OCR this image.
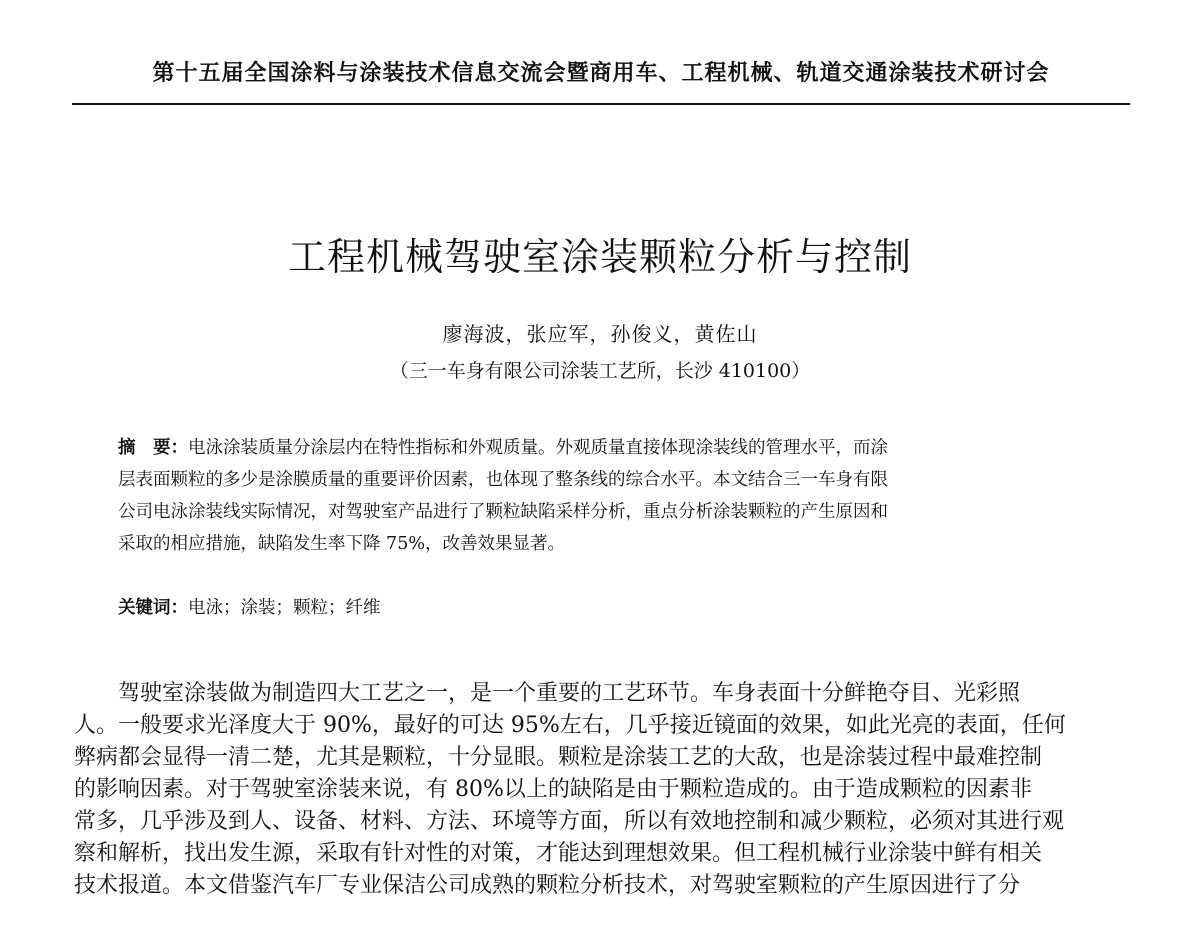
第十五届全国涂料与涂装技术信息交流会暨商用车、工程机械、轨道交通涂装技术研讨会
工程机械驾驶室涂装颗粒分析与控制
廖海波，张应军，孙俊义，黄佐山
（三一车身有限公司涂装工艺所，长沙 410100）
摘　要：电泳涂装质量分涂层内在特性指标和外观质量。外观质量直接体现涂装线的管理水平，而涂
层表面颗粒的多少是涂膜质量的重要评价因素，也体现了整条线的综合水平。本文结合三一车身有限
公司电泳涂装线实际情况，对驾驶室产品进行了颗粒缺陷采样分析，重点分析涂装颗粒的产生原因和
采取的相应措施，缺陷发生率下降 75%，改善效果显著。
关键词：电泳；涂装；颗粒；纤维
驾驶室涂装做为制造四大工艺之一，是一个重要的工艺环节。车身表面十分鲜艳夺目、光彩照
人。一般要求光泽度大于 90%，最好的可达 95%左右，几乎接近镜面的效果，如此光亮的表面，任何
弊病都会显得一清二楚，尤其是颗粒，十分显眼。颗粒是涂装工艺的大敌，也是涂装过程中最难控制
的影响因素。对于驾驶室涂装来说，有 80%以上的缺陷是由于颗粒造成的。由于造成颗粒的因素非
常多，几乎涉及到人、设备、材料、方法、环境等方面，所以有效地控制和减少颗粒，必须对其进行观
察和解析，找出发生源，采取有针对性的对策，才能达到理想效果。但工程机械行业涂装中鲜有相关
技术报道。本文借鉴汽车厂专业保洁公司成熟的颗粒分析技术，对驾驶室颗粒的产生原因进行了分
